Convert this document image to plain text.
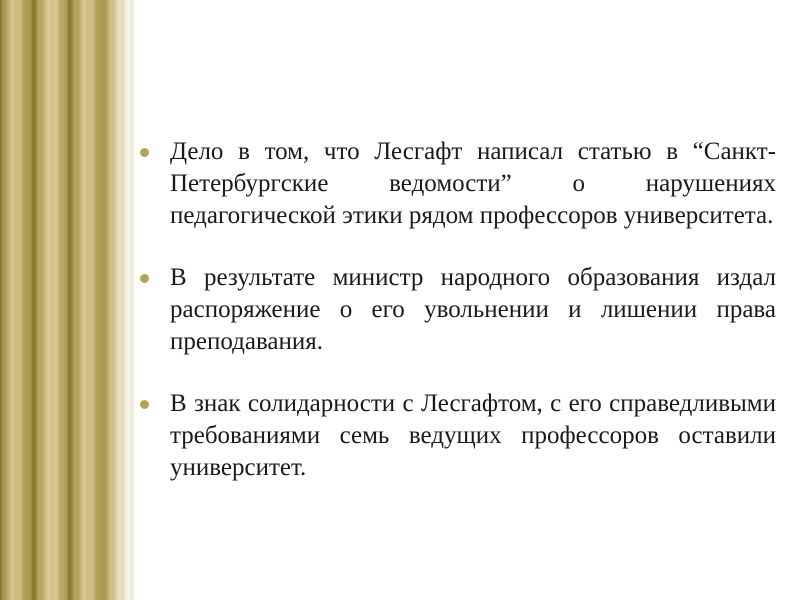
Дело в том, что Лесгафт написал статью в “Санкт-Петербургские ведомости” о нарушениях педагогической этики рядом профессоров университета.
В результате министр народного образования издал распоряжение о его увольнении и лишении права преподавания.
В знак солидарности с Лесгафтом, с его справедливыми требованиями семь ведущих профессоров оставили университет.
